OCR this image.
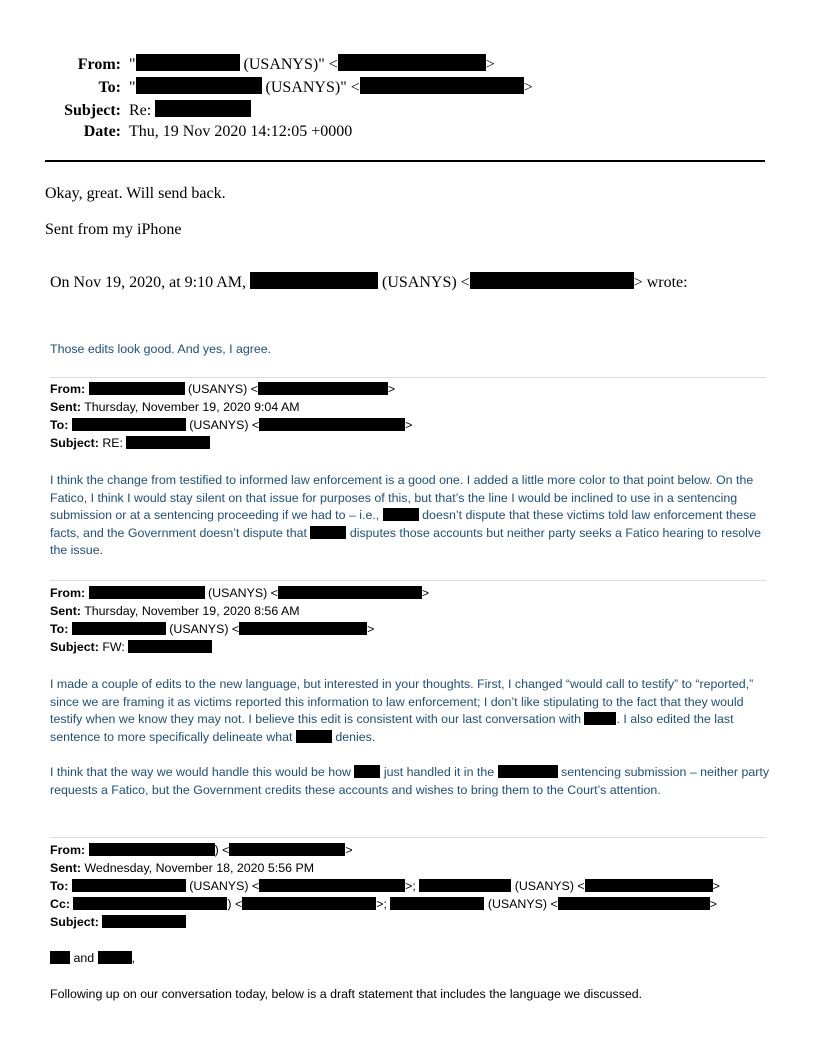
From: "	(USANYS)" <	>
To: "	(USANYS)" <	>
Subject: Re:
Date: Thu, 19 Nov 2020 14:12:05 +0000
Okay, great. Will send back.
Sent from my iPhone
On Nov 19, 2020, at 9:10 AM,	(USANYS) <	> wrote:
Those edits look good. And yes, I agree.
From:	(USANYS) <	>
Sent: Thursday, November 19, 2020 9:04 AM
To:	(USANYS) <	>
Subject: RE:
I think the change from testified to informed law enforcement is a good one. I added a little more color to that point below. On the Fatico, I think I would stay silent on that issue for purposes of this, but that’s the line I would be inclined to use in a sentencing submission or at a sentencing proceeding if we had to – i.e.,	doesn’t dispute that these victims told law enforcement these facts, and the Government doesn’t dispute that	disputes those accounts but neither party seeks a Fatico hearing to resolve the issue.
From:	(USANYS) <	>
Sent: Thursday, November 19, 2020 8:56 AM
To:	(USANYS) <	>
Subject: FW:
I made a couple of edits to the new language, but interested in your thoughts. First, I changed “would call to testify” to “reported,” since we are framing it as victims reported this information to law enforcement; I don’t like stipulating to the fact that they would testify when we know they may not. I believe this edit is consistent with our last conversation with	. I also edited the last sentence to more specifically delineate what	denies.
I think that the way we would handle this would be how	just handled it in the	sentencing submission – neither party requests a Fatico, but the Government credits these accounts and wishes to bring them to the Court’s attention.
From:	) <	>
Sent: Wednesday, November 18, 2020 5:56 PM
To:	(USANYS) <	>;	(USANYS) <	>
Cc:	) <	>;	(USANYS) <	>
Subject:
and	,
Following up on our conversation today, below is a draft statement that includes the language we discussed.
